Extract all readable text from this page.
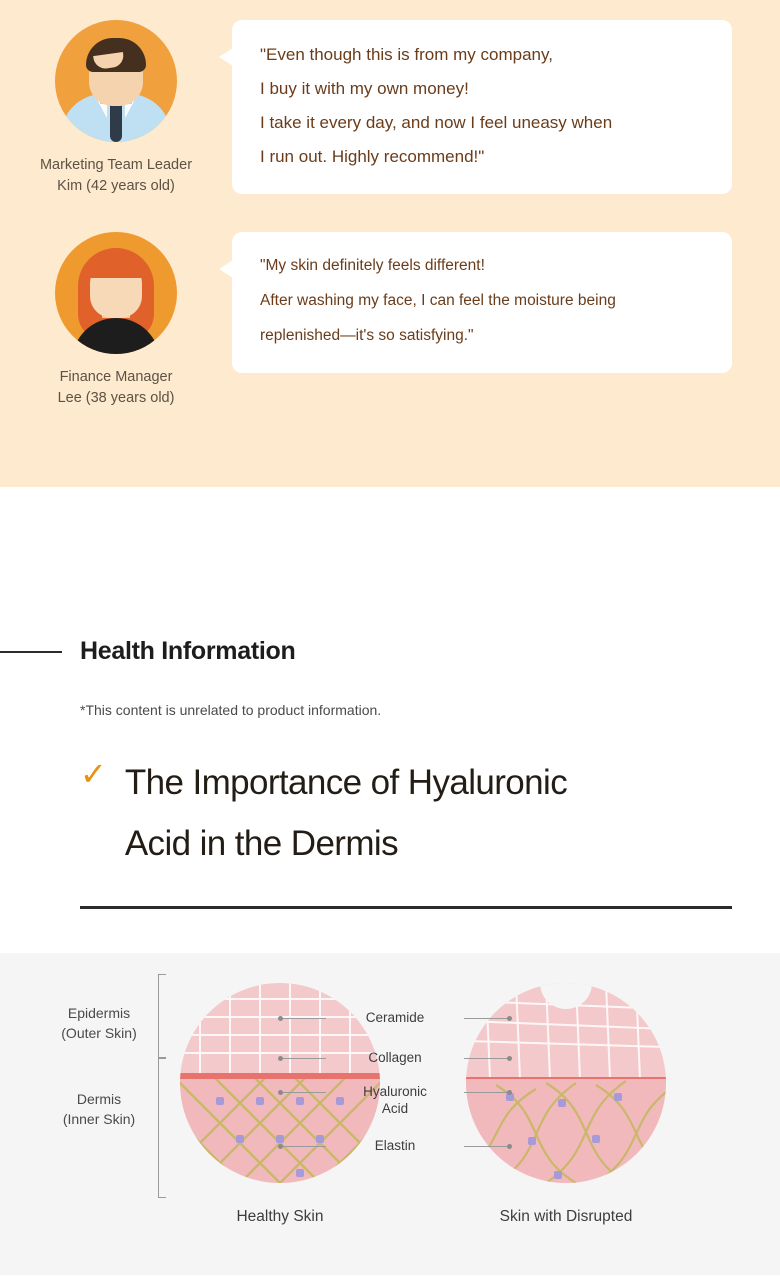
Marketing Team Leader
Kim (42 years old)
"Even though this is from my company,
I buy it with my own money!
I take it every day, and now I feel uneasy when
I run out. Highly recommend!"
Finance Manager
Lee (38 years old)
"My skin definitely feels different!
After washing my face, I can feel the moisture being
replenished—it's so satisfying."
Health Information
*This content is unrelated to product information.
✓ The Importance of Hyaluronic
Acid in the Dermis
Epidermis
(Outer Skin)
Dermis
(Inner Skin)
Ceramide
Collagen
Hyaluronic
Acid
Elastin
Healthy Skin	Skin with Disrupted
